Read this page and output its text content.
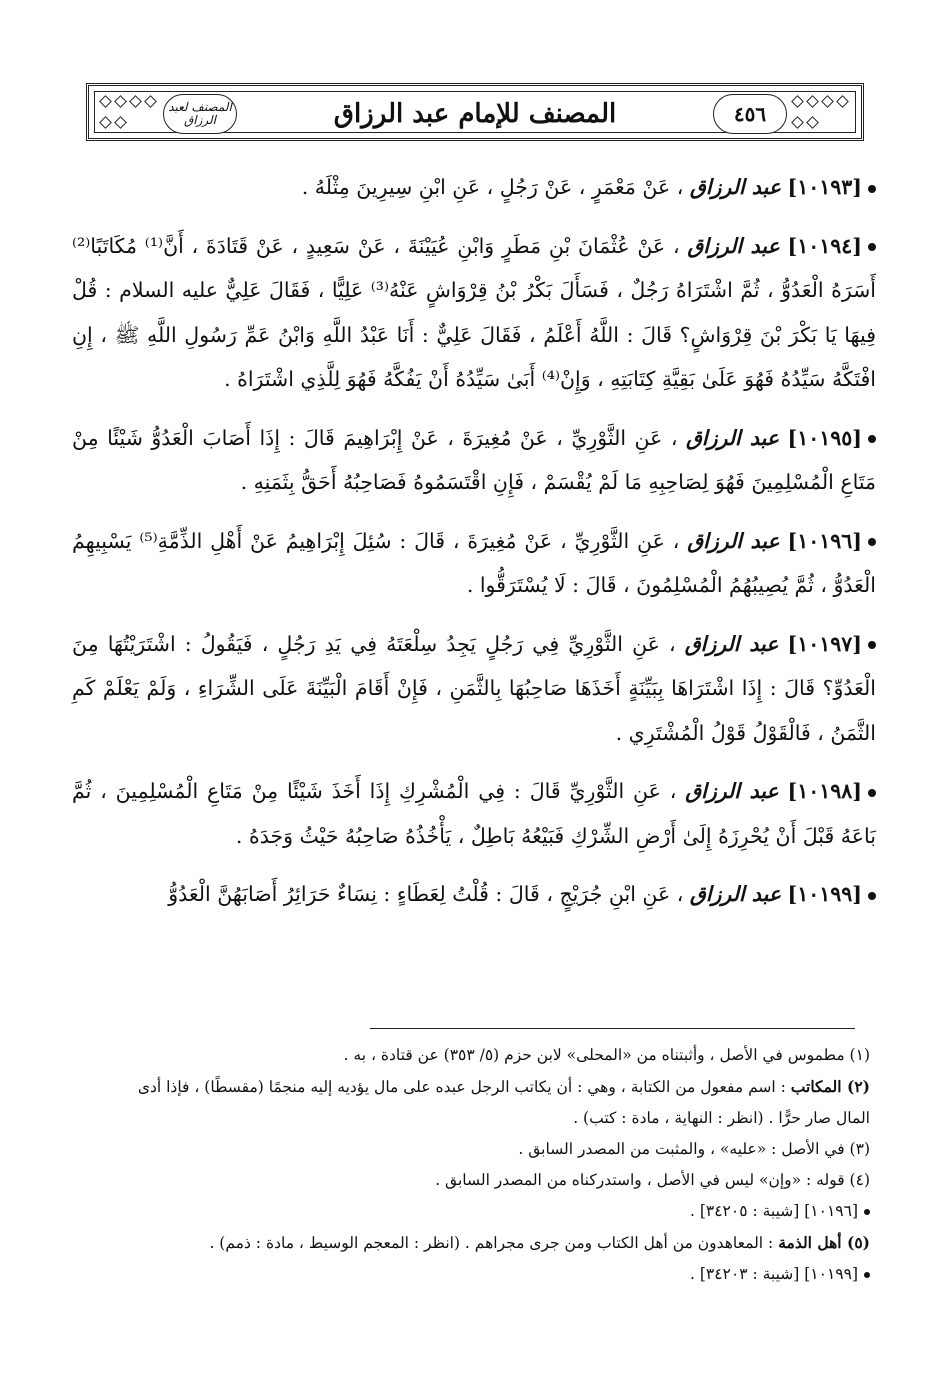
المصنف لعبد الرزاق	٤٥٦
المصنف للإمام عبد الرزاق

[١٠١٩٣] عبد الرزاق ، عَنْ مَعْمَرٍ ، عَنْ رَجُلٍ ، عَنِ ابْنِ سِيرِينَ مِثْلَهُ .

[١٠١٩٤] عبد الرزاق ، عَنْ عُثْمَانَ بْنِ مَطَرٍ وَابْنِ عُيَيْنَةَ ، عَنْ سَعِيدٍ ، عَنْ قَتَادَةَ ، أَنَّ⁽¹⁾ مُكَاتَبًا⁽²⁾ أَسَرَهُ الْعَدُوُّ ، ثُمَّ اشْتَرَاهُ رَجُلٌ ، فَسَأَلَ بَكْرُ بْنُ قِرْوَاشٍ عَنْهُ⁽³⁾ عَلِيًّا ، فَقَالَ عَلِيٌّ عليه السلام : قُلْ فِيهَا يَا بَكْرَ بْنَ قِرْوَاشٍ؟ قَالَ : اللَّهُ أَعْلَمُ ، فَقَالَ عَلِيٌّ : أَنَا عَبْدُ اللَّهِ وَابْنُ عَمِّ رَسُولِ اللَّهِ ﷺ ، إِنِ افْتَكَّهُ سَيِّدُهُ فَهُوَ عَلَىٰ بَقِيَّةِ كِتَابَتِهِ ، وَإِنْ⁽⁴⁾ أَبَىٰ سَيِّدُهُ أَنْ يَفُكَّهُ فَهُوَ لِلَّذِي اشْتَرَاهُ .

[١٠١٩٥] عبد الرزاق ، عَنِ الثَّوْرِيِّ ، عَنْ مُغِيرَةَ ، عَنْ إِبْرَاهِيمَ قَالَ : إِذَا أَصَابَ الْعَدُوُّ شَيْئًا مِنْ مَتَاعِ الْمُسْلِمِينَ فَهُوَ لِصَاحِبِهِ مَا لَمْ يُقْسَمْ ، فَإِنِ اقْتَسَمُوهُ فَصَاحِبُهُ أَحَقُّ بِثَمَنِهِ .

[١٠١٩٦] عبد الرزاق ، عَنِ الثَّوْرِيِّ ، عَنْ مُغِيرَةَ ، قَالَ : سُئِلَ إِبْرَاهِيمُ عَنْ أَهْلِ الذِّمَّةِ⁽⁵⁾ يَسْبِيهِمُ الْعَدُوُّ ، ثُمَّ يُصِيبُهُمُ الْمُسْلِمُونَ ، قَالَ : لَا يُسْتَرَقُّوا .

[١٠١٩٧] عبد الرزاق ، عَنِ الثَّوْرِيِّ فِي رَجُلٍ يَجِدُ سِلْعَتَهُ فِي يَدِ رَجُلٍ ، فَيَقُولُ : اشْتَرَيْتُهَا مِنَ الْعَدُوِّ؟ قَالَ : إِذَا اشْتَرَاهَا بِبَيِّنَةٍ أَخَذَهَا صَاحِبُهَا بِالثَّمَنِ ، فَإِنْ أَقَامَ الْبَيِّنَةَ عَلَى الشِّرَاءِ ، وَلَمْ يَعْلَمْ كَمِ الثَّمَنُ ، فَالْقَوْلُ قَوْلُ الْمُشْتَرِي .

[١٠١٩٨] عبد الرزاق ، عَنِ الثَّوْرِيِّ قَالَ : فِي الْمُشْرِكِ إِذَا أَخَذَ شَيْئًا مِنْ مَتَاعِ الْمُسْلِمِينَ ، ثُمَّ بَاعَهُ قَبْلَ أَنْ يُحْرِزَهُ إِلَىٰ أَرْضِ الشِّرْكِ فَبَيْعُهُ بَاطِلٌ ، يَأْخُذُهُ صَاحِبُهُ حَيْثُ وَجَدَهُ .

[١٠١٩٩] عبد الرزاق ، عَنِ ابْنِ جُرَيْجٍ ، قَالَ : قُلْتُ لِعَطَاءٍ : نِسَاءٌ حَرَائِرُ أَصَابَهُنَّ الْعَدُوُّ

(١) مطموس في الأصل ، وأثبتناه من «المحلى» لابن حزم (٥/ ٣٥٣) عن قتادة ، به .

(٢) المكاتب : اسم مفعول من الكتابة ، وهي : أن يكاتب الرجل عبده على مال يؤديه إليه منجمًا (مقسطًا) ، فإذا أدى المال صار حرًّا . (انظر : النهاية ، مادة : كتب) .

(٣) في الأصل : «عليه» ، والمثبت من المصدر السابق .

(٤) قوله : «وإن» ليس في الأصل ، واستدركناه من المصدر السابق .

[١٠١٩٦] [شيبة : ٣٤٢٠٥] .

(٥) أهل الذمة : المعاهدون من أهل الكتاب ومن جرى مجراهم . (انظر : المعجم الوسيط ، مادة : ذمم) .

[١٠١٩٩] [شيبة : ٣٤٢٠٣] .
